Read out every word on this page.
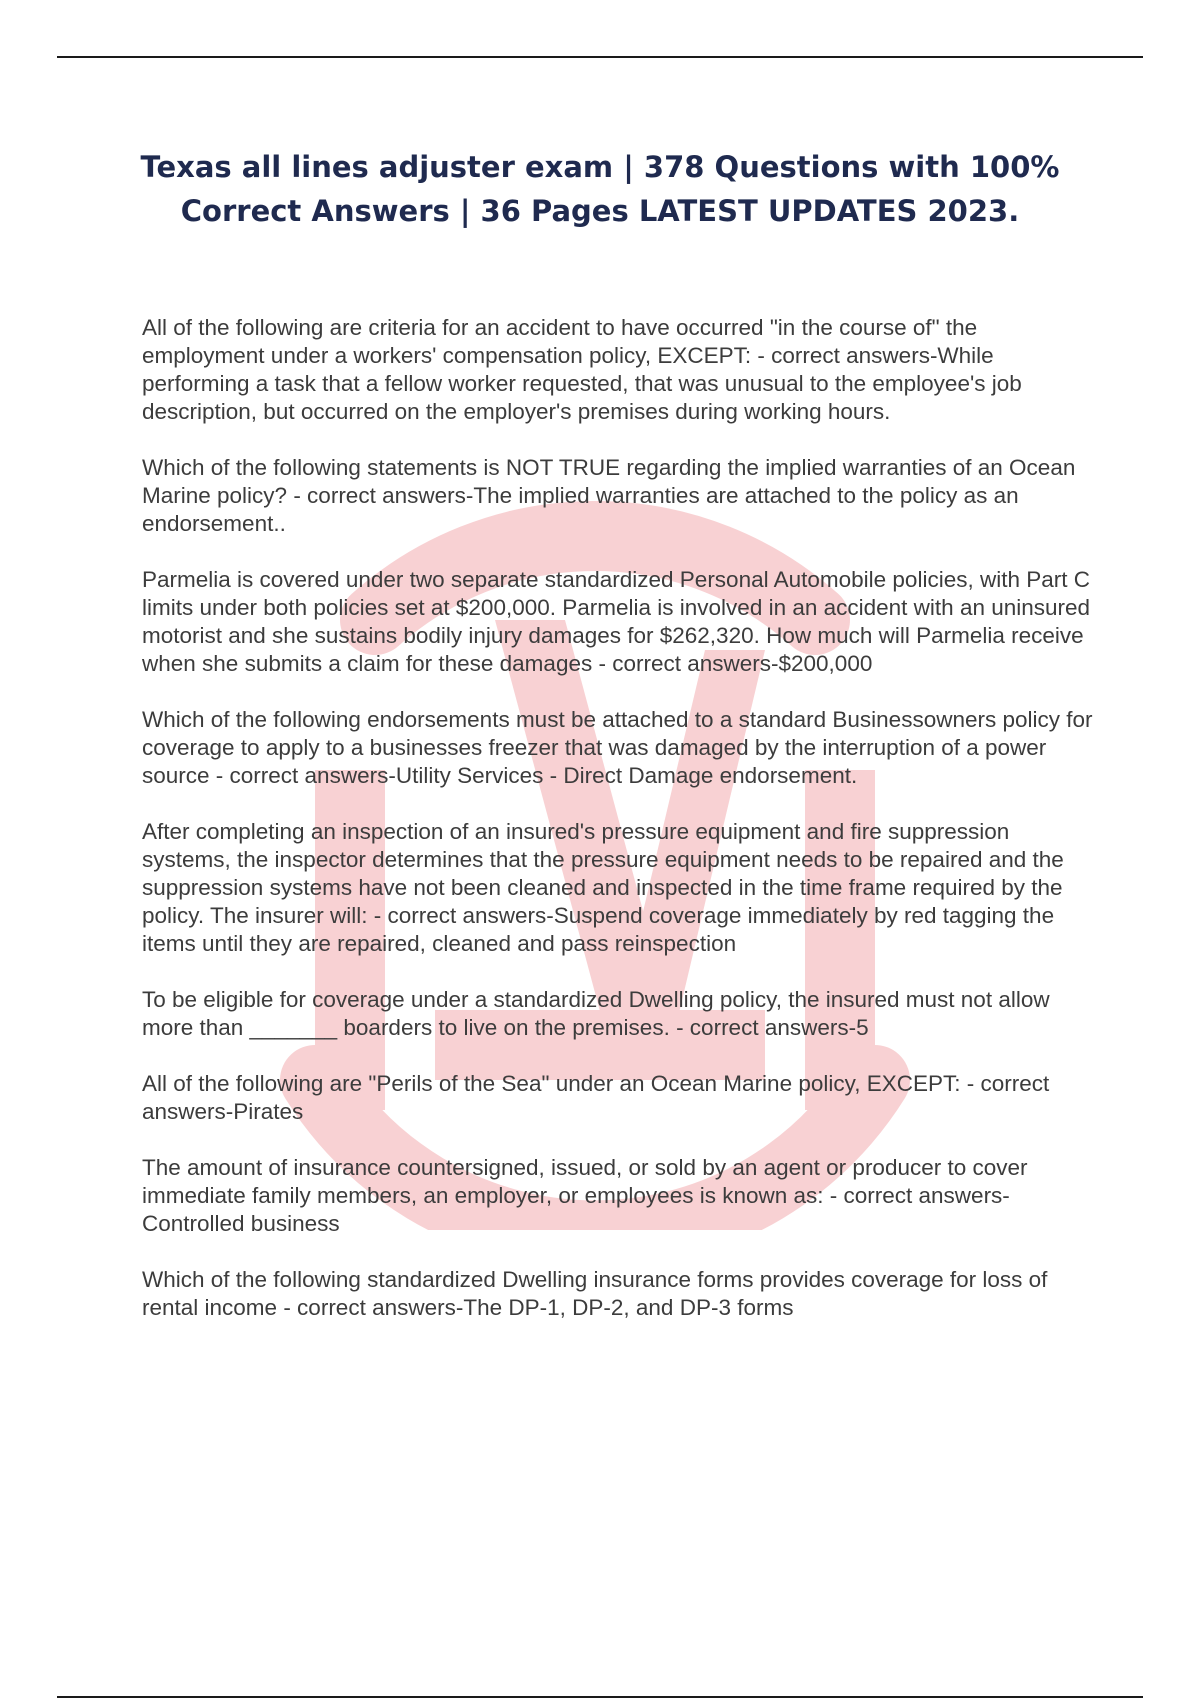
Texas all lines adjuster exam | 378 Questions with 100%
Correct Answers | 36 Pages LATEST UPDATES 2023.

All of the following are criteria for an accident to have occurred "in the course of" the employment under a workers' compensation policy, EXCEPT: - correct answers-While performing a task that a fellow worker requested, that was unusual to the employee's job description, but occurred on the employer's premises during working hours.

Which of the following statements is NOT TRUE regarding the implied warranties of an Ocean Marine policy? - correct answers-The implied warranties are attached to the policy as an endorsement..

Parmelia is covered under two separate standardized Personal Automobile policies, with Part C limits under both policies set at $200,000. Parmelia is involved in an accident with an uninsured motorist and she sustains bodily injury damages for $262,320. How much will Parmelia receive when she submits a claim for these damages - correct answers-$200,000

Which of the following endorsements must be attached to a standard Businessowners policy for coverage to apply to a businesses freezer that was damaged by the interruption of a power source - correct answers-Utility Services - Direct Damage endorsement.

After completing an inspection of an insured's pressure equipment and fire suppression systems, the inspector determines that the pressure equipment needs to be repaired and the suppression systems have not been cleaned and inspected in the time frame required by the policy. The insurer will: - correct answers-Suspend coverage immediately by red tagging the items until they are repaired, cleaned and pass reinspection

To be eligible for coverage under a standardized Dwelling policy, the insured must not allow more than _______ boarders to live on the premises. - correct answers-5

All of the following are "Perils of the Sea" under an Ocean Marine policy, EXCEPT: - correct answers-Pirates

The amount of insurance countersigned, issued, or sold by an agent or producer to cover immediate family members, an employer, or employees is known as: - correct answers-Controlled business

Which of the following standardized Dwelling insurance forms provides coverage for loss of rental income - correct answers-The DP-1, DP-2, and DP-3 forms
